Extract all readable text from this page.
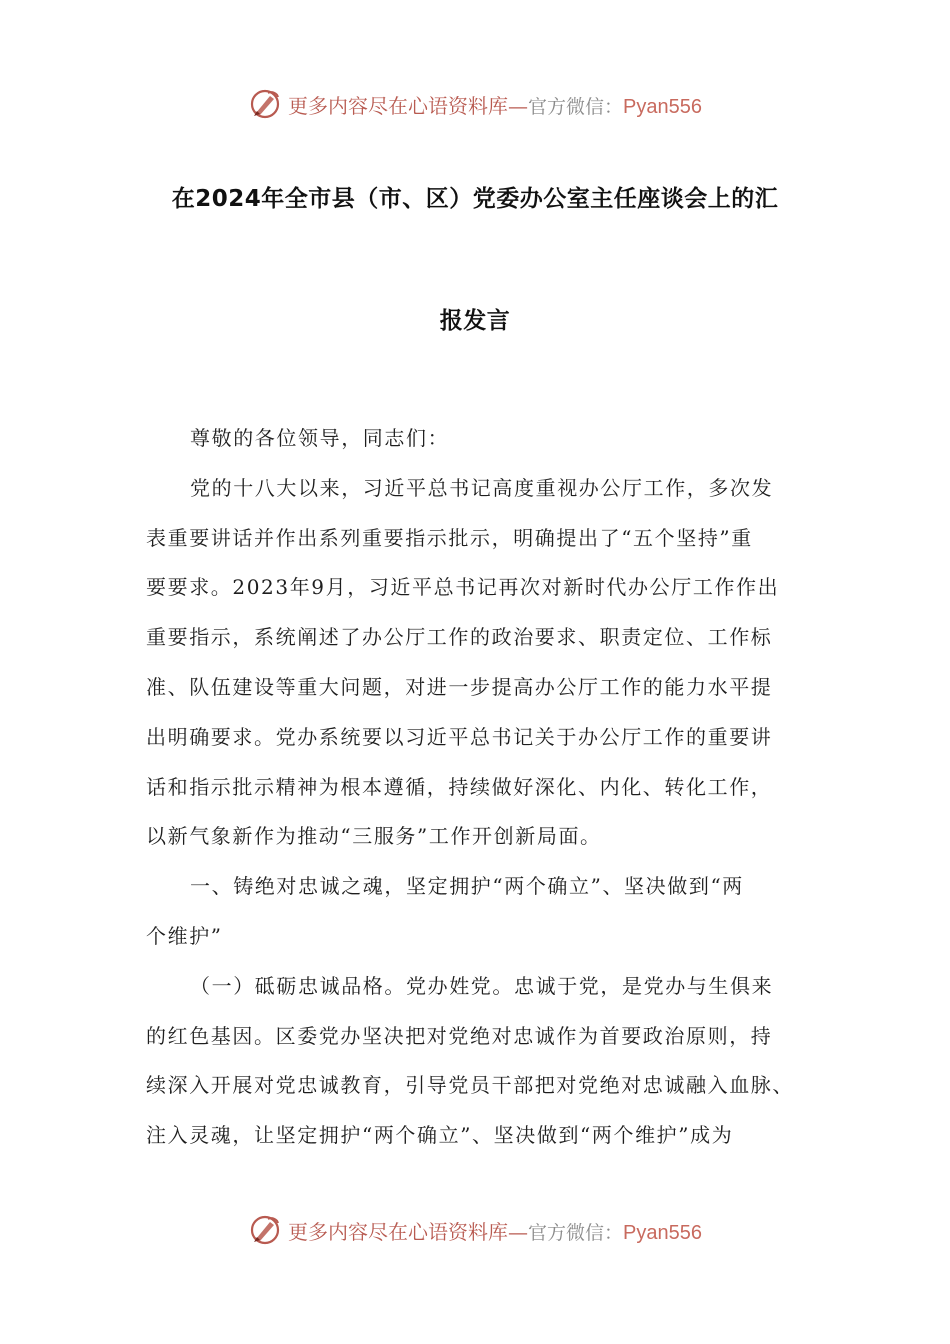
更多内容尽在心语资料库—官方微信：Pyan556
在2024年全市县（市、区）党委办公室主任座谈会上的汇
报发言
尊敬的各位领导，同志们：
党的十八大以来，习近平总书记高度重视办公厅工作，多次发
表重要讲话并作出系列重要指示批示，明确提出了“五个坚持”重
要要求。2023年9月，习近平总书记再次对新时代办公厅工作作出
重要指示，系统阐述了办公厅工作的政治要求、职责定位、工作标
准、队伍建设等重大问题，对进一步提高办公厅工作的能力水平提
出明确要求。党办系统要以习近平总书记关于办公厅工作的重要讲
话和指示批示精神为根本遵循，持续做好深化、内化、转化工作，
以新气象新作为推动“三服务”工作开创新局面。
一、铸绝对忠诚之魂，坚定拥护“两个确立”、坚决做到“两
个维护”
（一）砥砺忠诚品格。党办姓党。忠诚于党，是党办与生俱来
的红色基因。区委党办坚决把对党绝对忠诚作为首要政治原则，持
续深入开展对党忠诚教育，引导党员干部把对党绝对忠诚融入血脉、
注入灵魂，让坚定拥护“两个确立”、坚决做到“两个维护”成为
更多内容尽在心语资料库—官方微信：Pyan556
